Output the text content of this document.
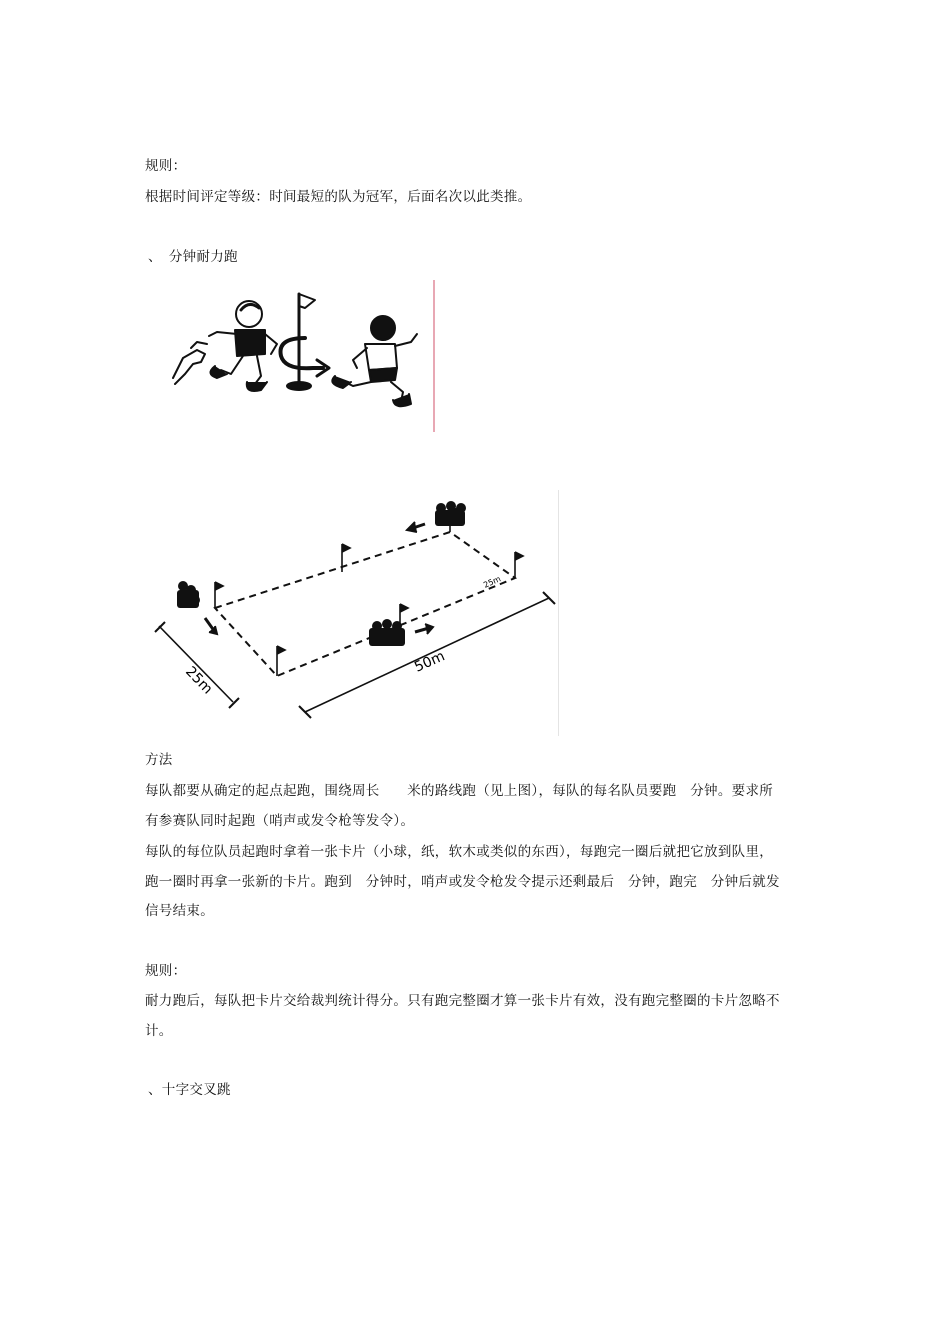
规则：
根据时间评定等级：时间最短的队为冠军，后面名次以此类推。
、　分钟耐力跑
25m
50m
25m
方法
每队都要从确定的起点起跑，围绕周长　　米的路线跑（见上图），每队的每名队员要跑　分钟。要求所
有参赛队同时起跑（哨声或发令枪等发令）。
每队的每位队员起跑时拿着一张卡片（小球，纸，软木或类似的东西），每跑完一圈后就把它放到队里，
跑一圈时再拿一张新的卡片。跑到　分钟时，哨声或发令枪发令提示还剩最后　分钟，跑完　分钟后就发
信号结束。
规则：
耐力跑后，每队把卡片交给裁判统计得分。只有跑完整圈才算一张卡片有效，没有跑完整圈的卡片忽略不
计。
、十字交叉跳
